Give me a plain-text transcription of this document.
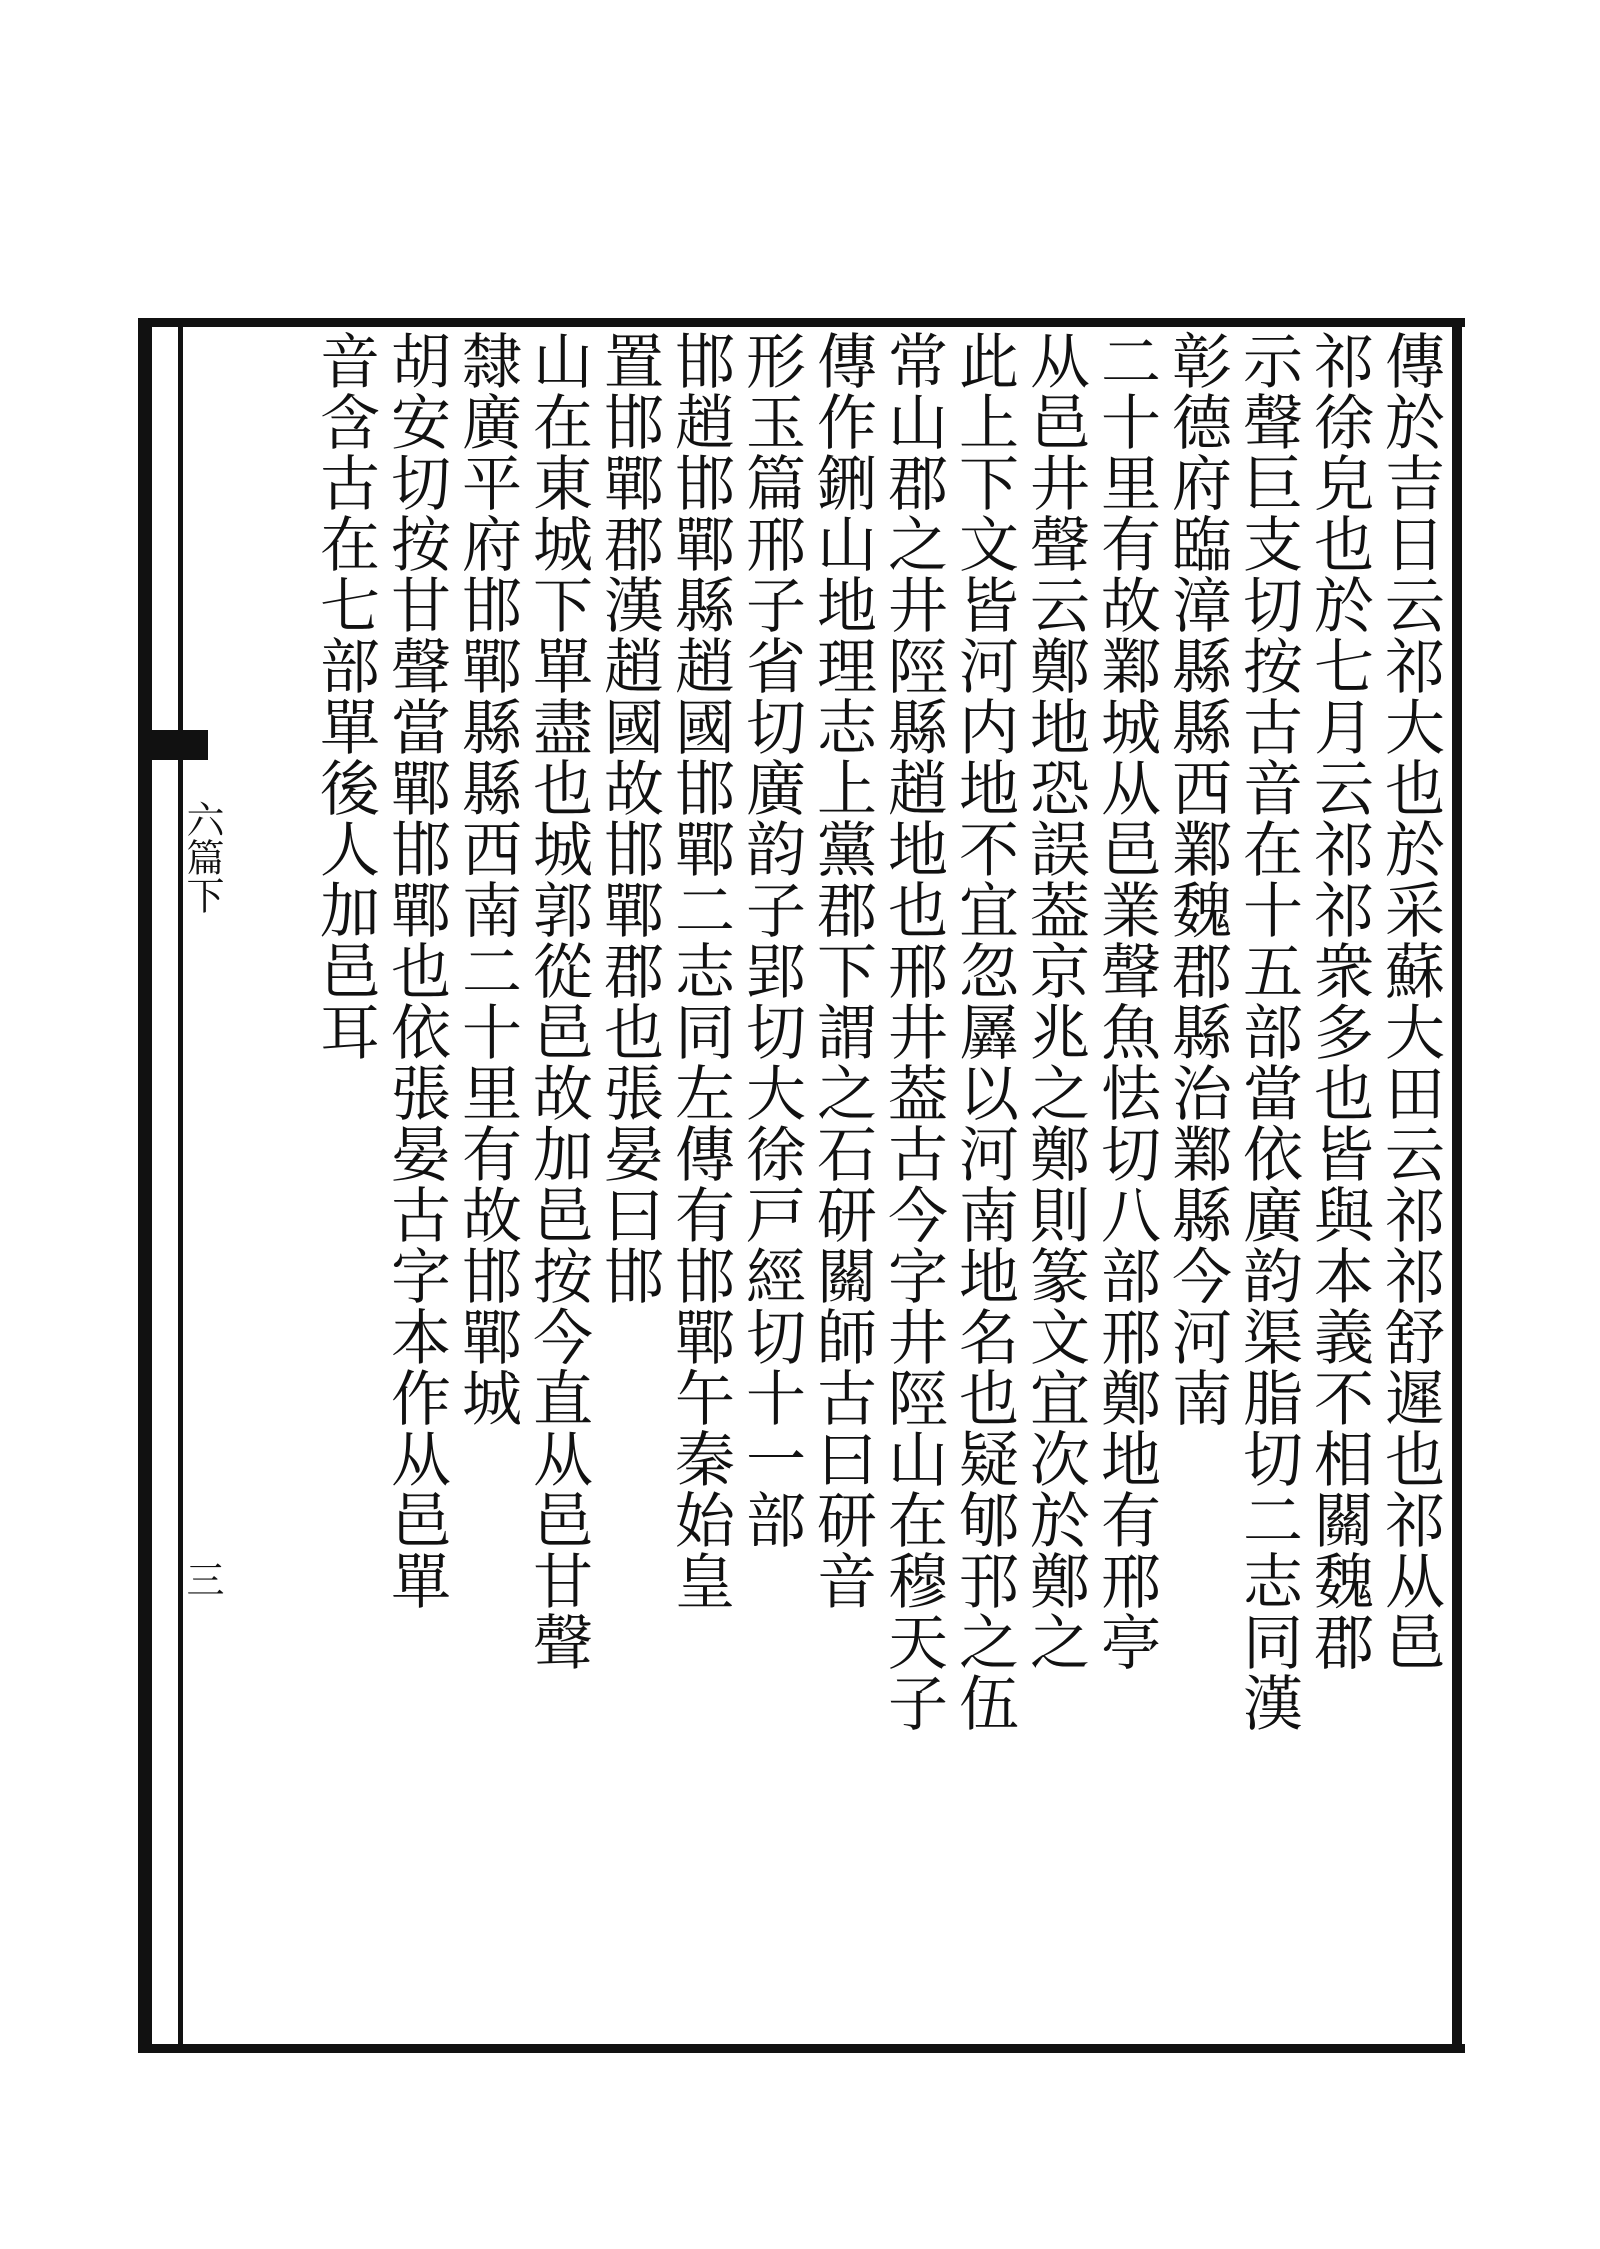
六篇下
三	傳於吉日云祁大也於采蘇大田云祁祁舒遲也祁从邑
祁徐皃也於七月云祁祁衆多也皆與本義不相關魏郡
示聲巨支切按古音在十五部當依廣韵渠脂切二志同漢
彰德府臨漳縣縣西鄴魏郡縣治鄴縣今河南
二十里有故鄴城从邑業聲魚怯切八部邢鄭地有邢亭
从邑井聲云鄭地恐誤葢京兆之鄭則篆文宜次於鄭之
此上下文皆河内地不宜忽羼以河南地名也疑郇邘之伍
常山郡之井陘縣趙地也邢井葢古今字井陘山在穆天子
傳作鉶山地理志上黨郡下謂之石研關師古曰研音
形玉篇邢子省切廣韵子郢切大徐戸經切十一部
邯趙邯鄲縣趙國邯鄲二志同左傳有邯鄲午秦始皇
置邯鄲郡漢趙國故邯鄲郡也張晏曰邯
山在東城下單盡也城郭從邑故加邑按今直从邑甘聲
隸廣平府邯鄲縣縣西南二十里有故邯鄲城
胡安切按甘聲當鄲邯鄲也依張晏古字本作从邑單
音含古在七部單後人加邑耳
